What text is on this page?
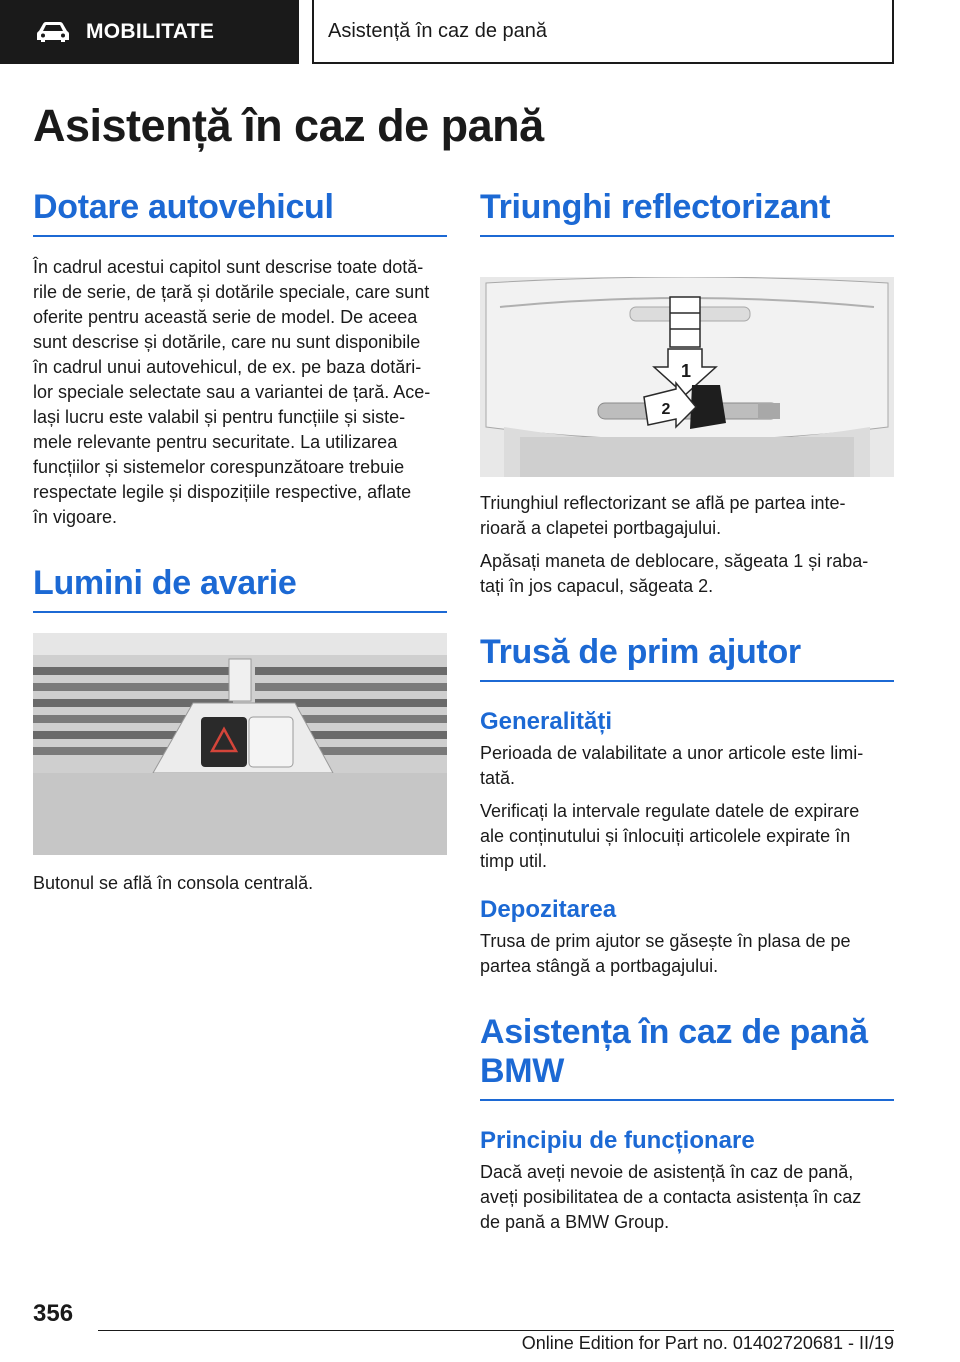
MOBILITATE	Asistență în caz de pană
Asistență în caz de pană
Dotare autovehicul

În cadrul acestui capitol sunt descrise toate dotă-

rile de serie, de țară și dotările speciale, care sunt

oferite pentru această serie de model. De aceea

sunt descrise și dotările, care nu sunt disponibile

în cadrul unui autovehicul, de ex. pe baza dotări-

lor speciale selectate sau a variantei de țară. Ace-

lași lucru este valabil și pentru funcțiile și siste-

mele relevante pentru securitate. La utilizarea

funcțiilor și sistemelor corespunzătoare trebuie

respectate legile și dispozițiile respective, aflate

în vigoare.

Lumini de avarie

Butonul se află în consola centrală.

Triunghi reflectorizant
1
2

Triunghiul reflectorizant se află pe partea inte-

rioară a clapetei portbagajului.

Apăsați maneta de deblocare, săgeata 1 și raba-

tați în jos capacul, săgeata 2.

Trusă de prim ajutor
Generalități

Perioada de valabilitate a unor articole este limi-

tată.

Verificați la intervale regulate datele de expirare

ale conținutului și înlocuiți articolele expirate în

timp util.

Depozitarea

Trusa de prim ajutor se găsește în plasa de pe

partea stângă a portbagajului.

Asistența în caz de pană
BMW
Principiu de funcționare

Dacă aveți nevoie de asistență în caz de pană,

aveți posibilitatea de a contacta asistența în caz

de pană a BMW Group.

356
Online Edition for Part no. 01402720681 - II/19
